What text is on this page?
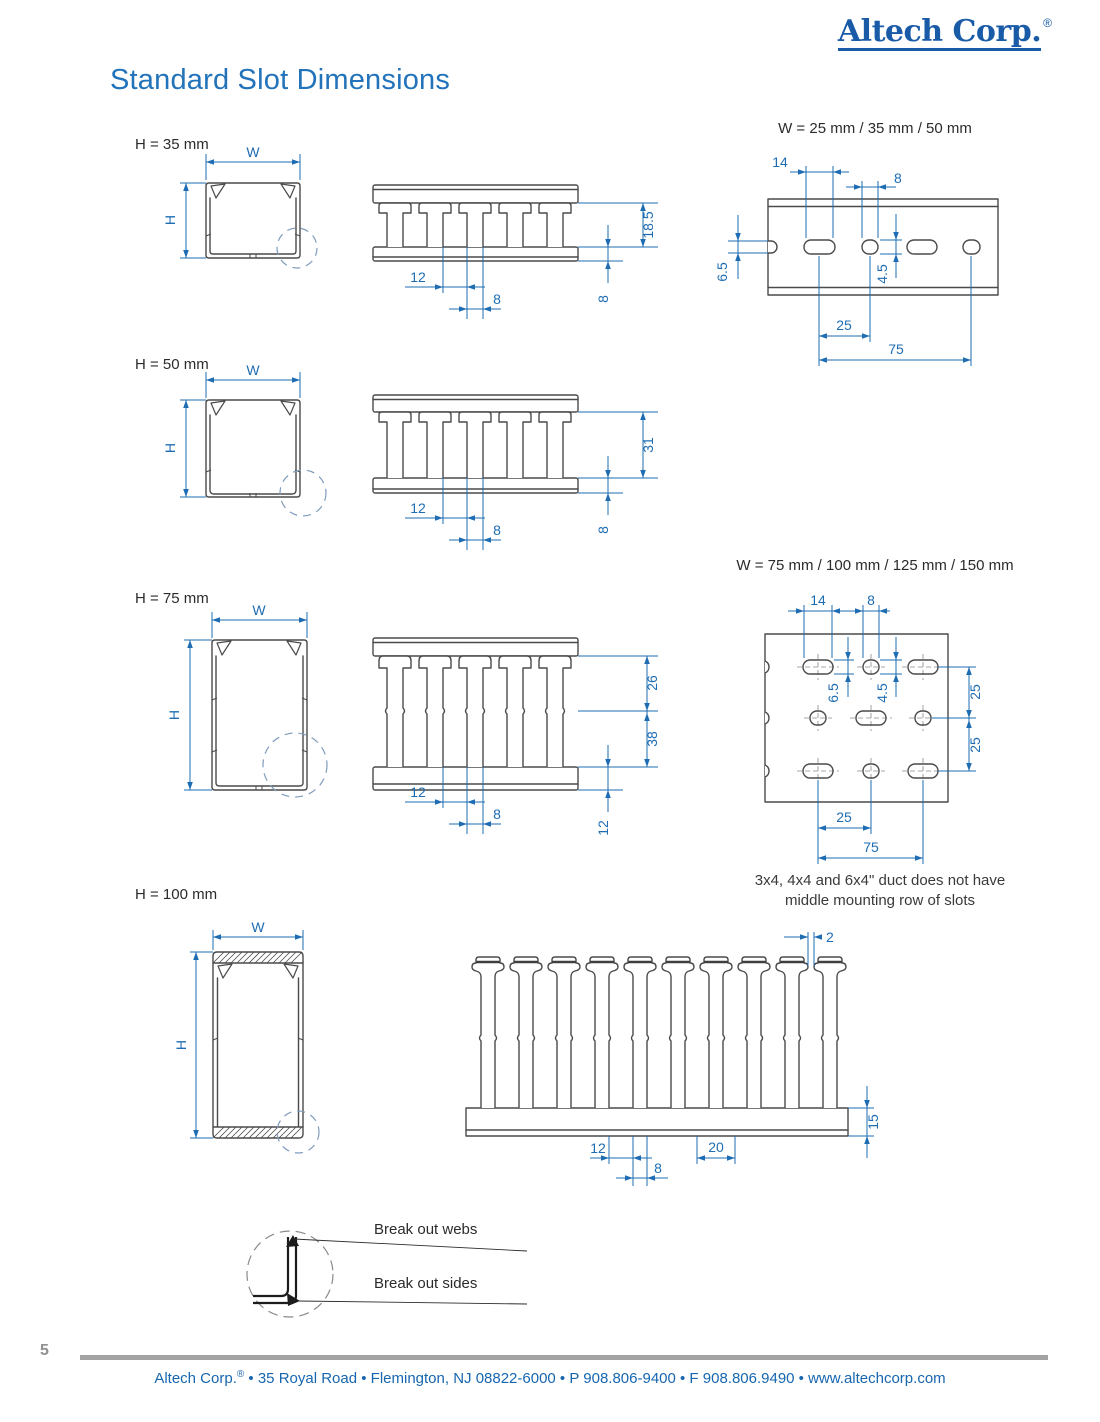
Altech Corp. ®
Standard Slot Dimensions
H = 35 mm
H = 50 mm
H = 75 mm
H = 100 mm
W = 25 mm / 35 mm / 50 mm
W = 75 mm / 100 mm / 125 mm / 150 mm
3x4, 4x4 and 6x4" duct does not have
middle mounting row of slots
W
H	18.5
8
12
8
14
8
6.5	4.5
25
75
W
H	31
8
12
8
W
H
26
38
12
12
8
14	8
6.5 4.5	25
25
25
75
W
H
2
15
12
8
20
Break out webs
Break out sides
5
Altech Corp.® • 35 Royal Road • Flemington, NJ 08822-6000 • P 908.806-9400 • F 908.806.9490 • www.altechcorp.com
